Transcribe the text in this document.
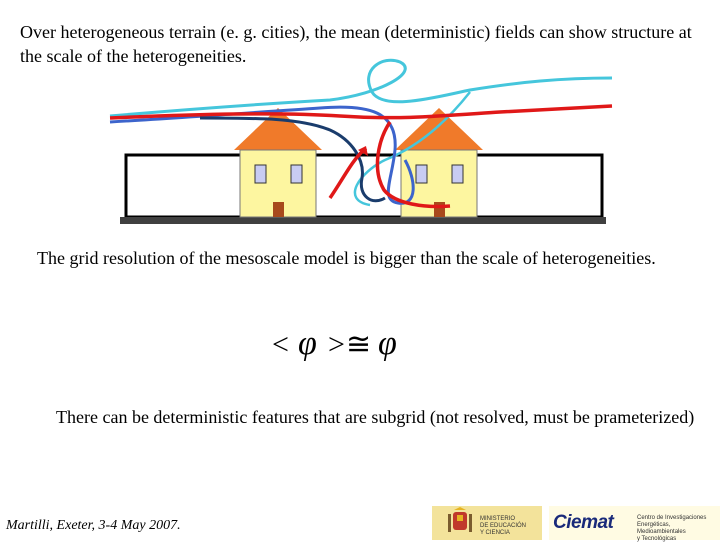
Over heterogeneous terrain (e. g. cities), the mean (deterministic) fields can show structure at the scale of the heterogeneities.
The grid resolution of the mesoscale model is bigger than the scale of heterogeneities.
< φ > ≅ φ
There can be deterministic features that are subgrid (not resolved, must be prameterized)
Martilli, Exeter, 3-4 May 2007.	MINISTERIO
DE EDUCACIÓN
Y CIENCIA	Ciemat	Centro de Investigaciones
Energéticas, Medioambientales
y Tecnológicas
